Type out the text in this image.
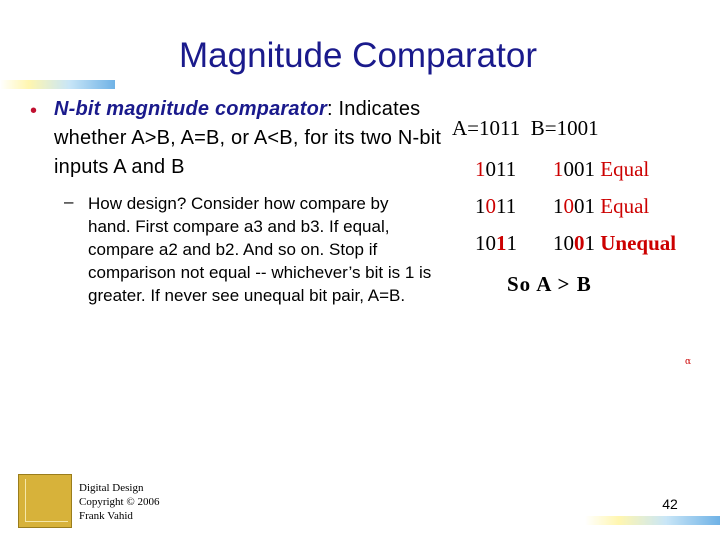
Magnitude Comparator
• N-bit magnitude comparator: Indicates whether A>B, A=B, or A<B, for its two N-bit inputs A and B
– How design? Consider how compare by hand. First compare a3 and b3. If equal, compare a2 and b2. And so on. Stop if comparison not equal -- whichever’s bit is 1 is greater. If never see unequal bit pair, A=B.
A=1011  B=1001
1011 1001 Equal
1011 1001 Equal
1011 1001 Unequal
So A > B
α
Digital Design
Copyright © 2006
Frank Vahid
42
